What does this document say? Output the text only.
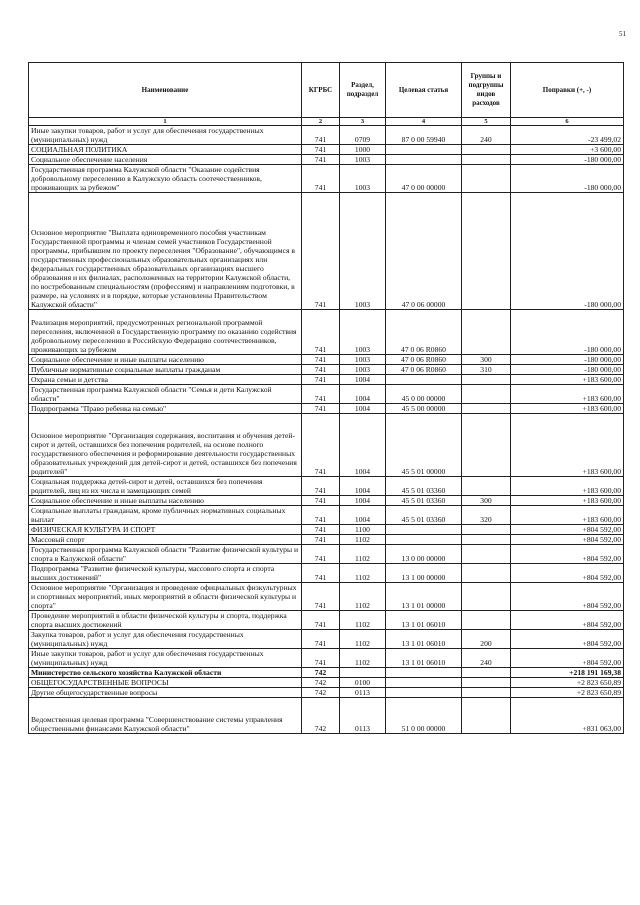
51
Наименование	КГРБС	Раздел, подраздел	Целевая статья	Группы и подгруппы видов расходов	Поправки (+, -)
1	2	3	4	5	6
Иные закупки товаров, работ и услуг для обеспечения государственных (муниципальных) нужд	741	0709	87 0 00 59940	240	-23 499,02
СОЦИАЛЬНАЯ ПОЛИТИКА	741	1000			+3 600,00
Социальное обеспечение населения	741	1003			-180 000,00
Государственная программа Калужской области "Оказание содействия добровольному переселению в Калужскую область соотечественников, проживающих за рубежом"	741	1003	47 0 00 00000		-180 000,00
Основное мероприятие "Выплата единовременного пособия участникам Государственной программы и членам семей участников Государственной программы, прибывшим по проекту переселения "Образование", обучающимся в государственных профессиональных образовательных организациях или федеральных государственных образовательных организациях высшего образования и их филиалах, расположенных на территории Калужской области, по востребованным специальностям (профессиям) и направлениям подготовки, в размере, на условиях и в порядке, которые установлены Правительством Калужской области"	741	1003	47 0 06 00000		-180 000,00
Реализация мероприятий, предусмотренных региональной программой переселения, включенной в Государственную программу по оказанию содействия добровольному переселению в Российскую Федерацию соотечественников, проживающих за рубежом	741	1003	47 0 06 R0860		-180 000,00
Социальное обеспечение и иные выплаты населению	741	1003	47 0 06 R0860	300	-180 000,00
Публичные нормативные социальные выплаты гражданам	741	1003	47 0 06 R0860	310	-180 000,00
Охрана семьи и детства	741	1004			+183 600,00
Государственная программа Калужской области "Семья и дети Калужской области"	741	1004	45 0 00 00000		+183 600,00
Подпрограмма "Право ребенка на семью"	741	1004	45 5 00 00000		+183 600,00
Основное мероприятие "Организация содержания, воспитания и обучения детей-сирот и детей, оставшихся без попечения родителей, на основе полного государственного обеспечения и реформирование деятельности государственных образовательных учреждений для детей-сирот и детей, оставшихся без попечения родителей"	741	1004	45 5 01 00000		+183 600,00
Социальная поддержка детей-сирот и детей, оставшихся без попечения родителей, лиц из их числа и замещающих семей	741	1004	45 5 01 03360		+183 600,00
Социальное обеспечение и иные выплаты населению	741	1004	45 5 01 03360	300	+183 600,00
Социальные выплаты гражданам, кроме публичных нормативных социальных выплат	741	1004	45 5 01 03360	320	+183 600,00
ФИЗИЧЕСКАЯ КУЛЬТУРА И СПОРТ	741	1100			+804 592,00
Массовый спорт	741	1102			+804 592,00
Государственная программа Калужской области "Развитие физической культуры и спорта в Калужской области"	741	1102	13 0 00 00000		+804 592,00
Подпрограмма "Развитие физической культуры, массового спорта и спорта высших достижений"	741	1102	13 1 00 00000		+804 592,00
Основное мероприятие "Организация и проведение официальных физкультурных и спортивных мероприятий, иных мероприятий в области физической культуры и спорта"	741	1102	13 1 01 00000		+804 592,00
Проведение мероприятий в области физической культуры и спорта, поддержка спорта высших достижений	741	1102	13 1 01 06010		+804 592,00
Закупка товаров, работ и услуг для обеспечения государственных (муниципальных) нужд	741	1102	13 1 01 06010	200	+804 592,00
Иные закупки товаров, работ и услуг для обеспечения государственных (муниципальных) нужд	741	1102	13 1 01 06010	240	+804 592,00
Министерство сельского хозяйства Калужской области	742				+218 191 169,38
ОБЩЕГОСУДАРСТВЕННЫЕ ВОПРОСЫ	742	0100			+2 823 650,89
Другие общегосударственные вопросы	742	0113			+2 823 650,89
Ведомственная целевая программа "Совершенствование системы управления общественными финансами Калужской области"	742	0113	51 0 00 00000		+831 063,00
